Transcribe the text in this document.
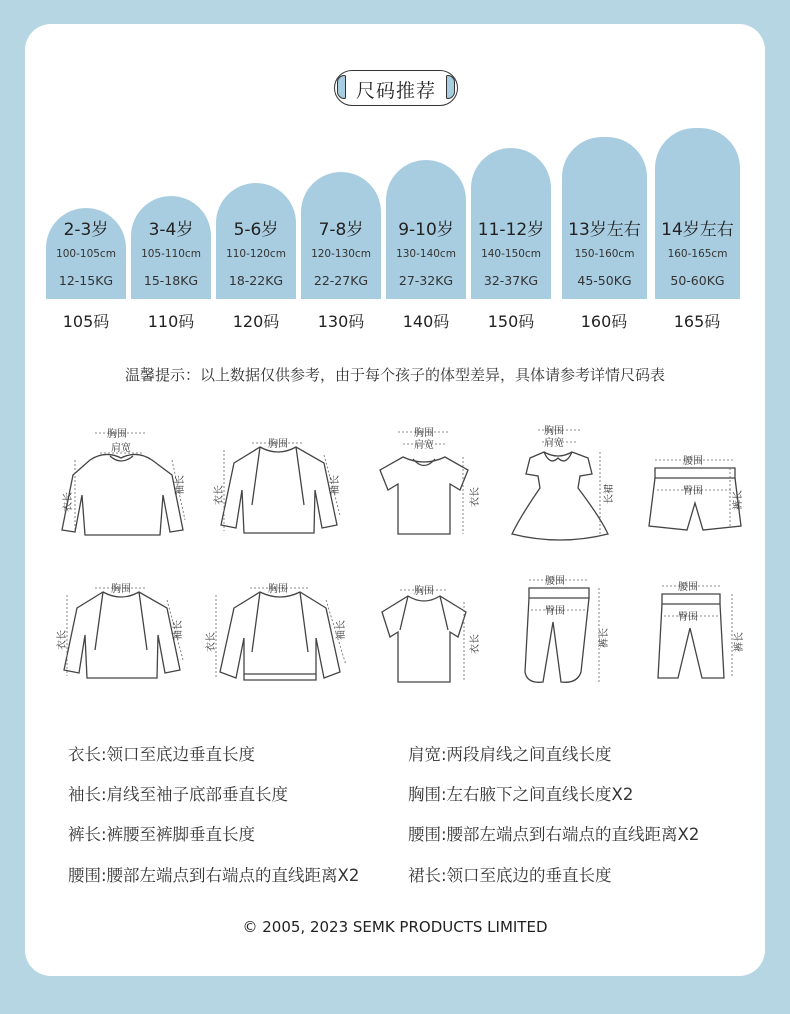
尺码推荐
2-3岁
100-105cm
12-15KG
105码
3-4岁
105-110cm
15-18KG
110码
5-6岁
110-120cm
18-22KG
120码
7-8岁
120-130cm
22-27KG
130码
9-10岁
130-140cm
27-32KG
140码
11-12岁
140-150cm
32-37KG
150码
13岁左右
150-160cm
45-50KG
160码
14岁左右
160-165cm
50-60KG
165码
温馨提示：以上数据仅供参考，由于每个孩子的体型差异，具体请参考详情尺码表
胸围
肩宽
衣长
袖长
胸围
衣长	袖长
胸围
肩宽
衣长
胸围
肩宽
长裙
腰围
臀围	裤长
胸围
衣长	袖长
胸围
衣长
袖长
胸围
衣长
腰围
臀围
裤长
腰围
臀围
裤长
衣长:领口至底边垂直长度
袖长:肩线至袖子底部垂直长度
裤长:裤腰至裤脚垂直长度
腰围:腰部左端点到右端点的直线距离X2
肩宽:两段肩线之间直线长度
胸围:左右腋下之间直线长度X2
腰围:腰部左端点到右端点的直线距离X2
裙长:领口至底边的垂直长度
© 2005, 2023 SEMK PRODUCTS LIMITED
